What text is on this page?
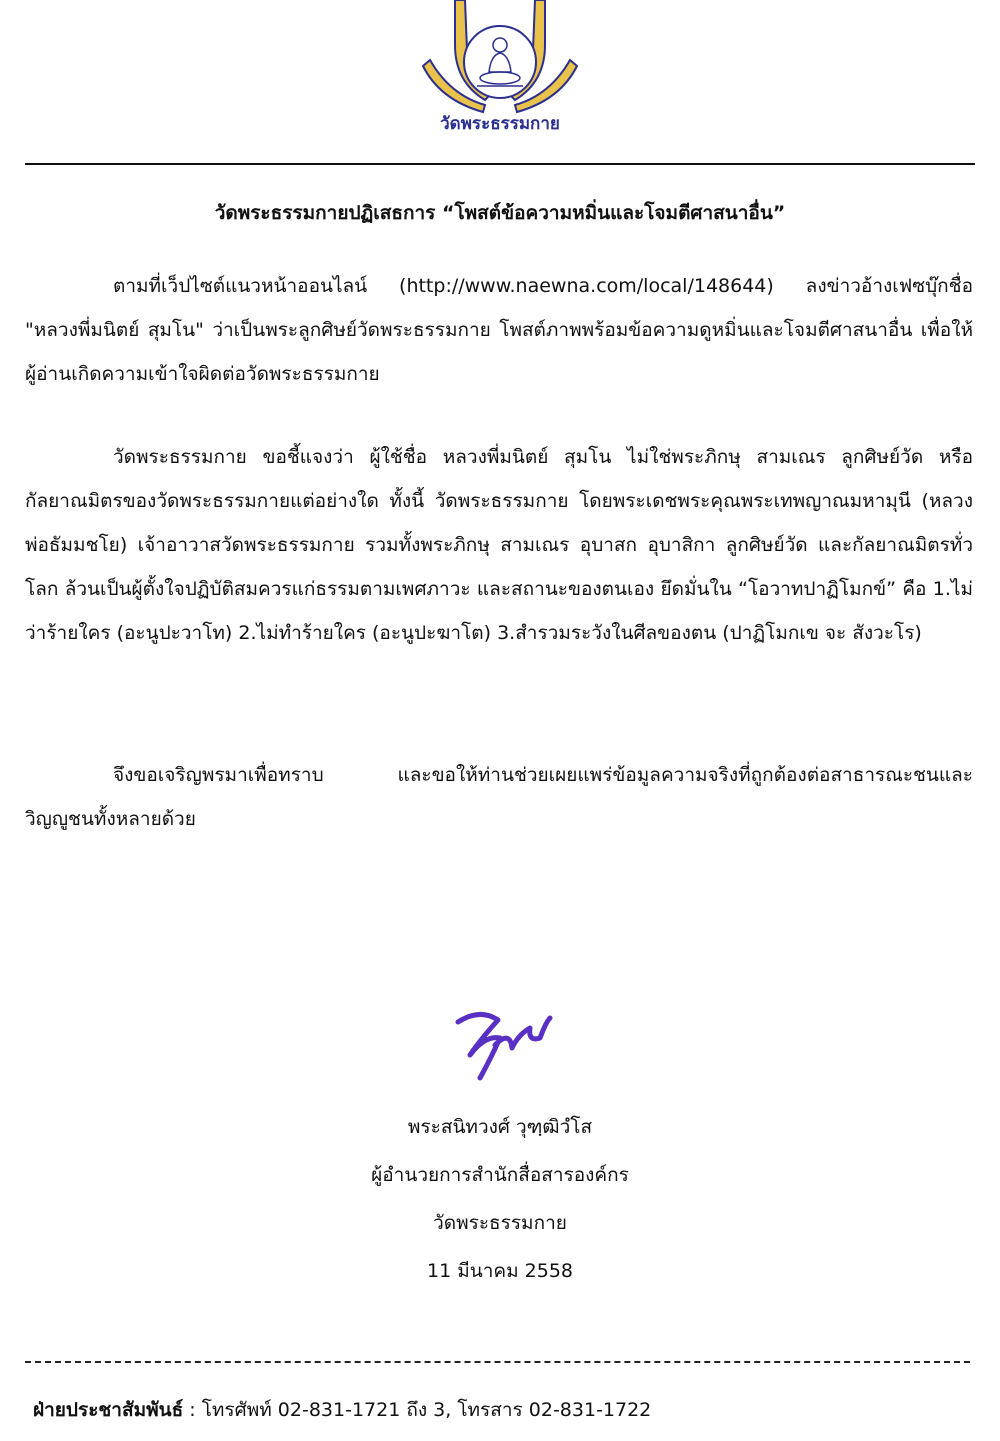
วัดพระธรรมกาย
วัดพระธรรมกายปฏิเสธการ “โพสต์ข้อความหมิ่นและโจมตีศาสนาอื่น”

ตามที่เว็ปไซต์แนวหน้าออนไลน์ (http://www.naewna.com/local/148644) ลงข่าวอ้างเฟซบุ๊กชื่อ "หลวงพี่มนิตย์ สุมโน" ว่าเป็นพระลูกศิษย์วัดพระธรรมกาย โพสต์ภาพพร้อมข้อความดูหมิ่นและโจมตีศาสนาอื่น เพื่อให้ผู้อ่านเกิดความเข้าใจผิดต่อวัดพระธรรมกาย

วัดพระธรรมกาย ขอชี้แจงว่า ผู้ใช้ชื่อ หลวงพี่มนิตย์ สุมโน ไม่ใช่พระภิกษุ สามเณร ลูกศิษย์วัด หรือกัลยาณมิตรของวัดพระธรรมกายแต่อย่างใด ทั้งนี้ วัดพระธรรมกาย โดยพระเดชพระคุณพระเทพญาณมหามุนี (หลวงพ่อธัมมชโย) เจ้าอาวาสวัดพระธรรมกาย รวมทั้งพระภิกษุ สามเณร อุบาสก อุบาสิกา ลูกศิษย์วัด และกัลยาณมิตรทั่วโลก ล้วนเป็นผู้ตั้งใจปฏิบัติสมควรแก่ธรรมตามเพศภาวะ และสถานะของตนเอง ยึดมั่นใน “โอวาทปาฏิโมกข์” คือ 1.ไม่ว่าร้ายใคร (อะนูปะวาโท) 2.ไม่ทำร้ายใคร (อะนูปะฆาโต) 3.สำรวมระวังในศีลของตน (ปาฏิโมกเข จะ สังวะโร)

จึงขอเจริญพรมาเพื่อทราบ และขอให้ท่านช่วยเผยแพร่ข้อมูลความจริงที่ถูกต้องต่อสาธารณะชนและวิญญูชนทั้งหลายด้วย

พระสนิทวงศ์ วุฑฺฒิวํโส
ผู้อำนวยการสำนักสื่อสารองค์กร
วัดพระธรรมกาย
11 มีนาคม 2558
ฝ่ายประชาสัมพันธ์ : โทรศัพท์ 02-831-1721 ถึง 3, โทรสาร 02-831-1722
